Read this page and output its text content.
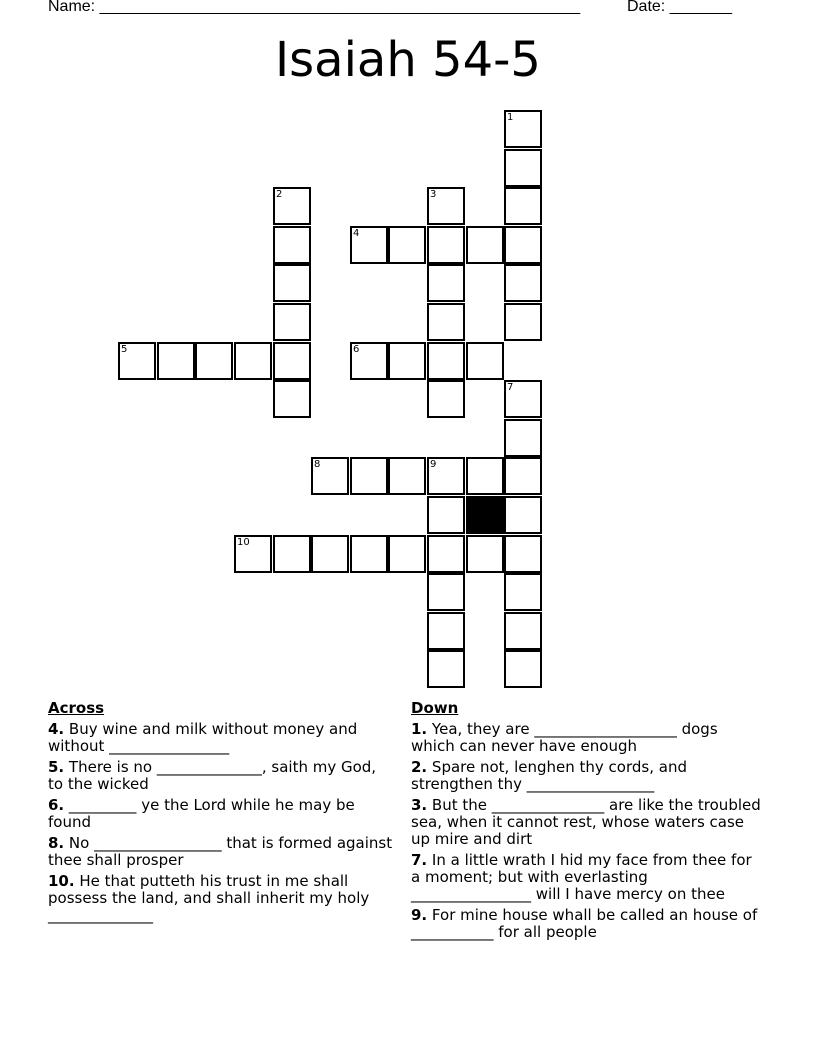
Name: ______________________________________________________	Date: _______
Isaiah 54-5
1
2	3
4
5	6
7
8	9
10
Across
4. Buy wine and milk without money and without ________________
5. There is no ______________, saith my God, to the wicked
6. _________ ye the Lord while he may be found
8. No _________________ that is formed against thee shall prosper
10. He that putteth his trust in me shall possess the land, and shall inherit my holy ______________
Down
1. Yea, they are ___________________ dogs which can never have enough
2. Spare not, lenghen thy cords, and strengthen thy _________________
3. But the _______________ are like the troubled sea, when it cannot rest, whose waters case up mire and dirt
7. In a little wrath I hid my face from thee for a moment; but with everlasting ________________ will I have mercy on thee
9. For mine house whall be called an house of ___________ for all people
